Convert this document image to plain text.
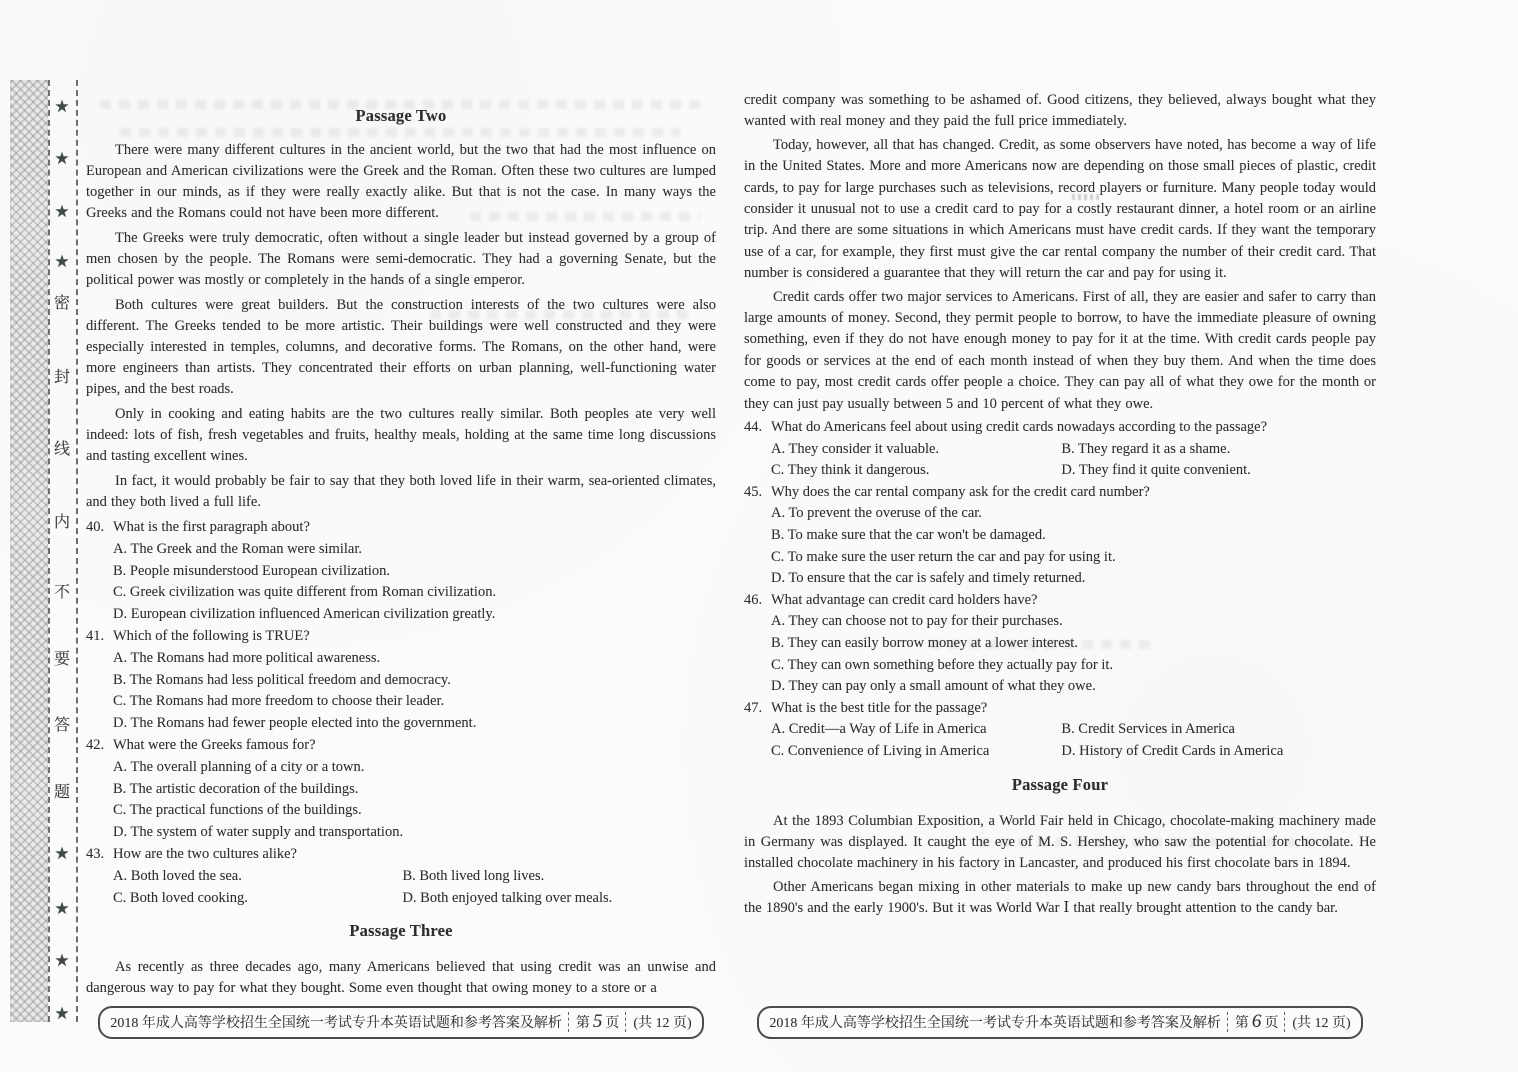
★
★
★
★
密
封
线
内
不
要
答
题
★
★
★
★
Passage Two

There were many different cultures in the ancient world, but the two that had the most influence on European and American civilizations were the Greek and the Roman. Often these two cultures are lumped together in our minds, as if they were really exactly alike. But that is not the case. In many ways the Greeks and the Romans could not have been more different.

The Greeks were truly democratic, often without a single leader but instead governed by a group of men chosen by the people. The Romans were semi-democratic. They had a governing Senate, but the political power was mostly or completely in the hands of a single emperor.

Both cultures were great builders. But the construction interests of the two cultures were also different. The Greeks tended to be more artistic. Their buildings were well constructed and they were especially interested in temples, columns, and decorative forms. The Romans, on the other hand, were more engineers than artists. They concentrated their efforts on urban planning, well-functioning water pipes, and the best roads.

Only in cooking and eating habits are the two cultures really similar. Both peoples ate very well indeed: lots of fish, fresh vegetables and fruits, healthy meals, holding at the same time long discussions and tasting excellent wines.

In fact, it would probably be fair to say that they both loved life in their warm, sea-oriented climates, and they both lived a full life.

40. What is the first paragraph about?
A. The Greek and the Roman were similar.
B. People misunderstood European civilization.
C. Greek civilization was quite different from Roman civilization.
D. European civilization influenced American civilization greatly.
41. Which of the following is TRUE?
A. The Romans had more political awareness.
B. The Romans had less political freedom and democracy.
C. The Romans had more freedom to choose their leader.
D. The Romans had fewer people elected into the government.
42. What were the Greeks famous for?
A. The overall planning of a city or a town.
B. The artistic decoration of the buildings.
C. The practical functions of the buildings.
D. The system of water supply and transportation.
43. How are the two cultures alike?
A. Both loved the sea.	B. Both lived long lives.
C. Both loved cooking.	D. Both enjoyed talking over meals.
Passage Three

As recently as three decades ago, many Americans believed that using credit was an unwise and dangerous way to pay for what they bought. Some even thought that owing money to a store or a

credit company was something to be ashamed of. Good citizens, they believed, always bought what they wanted with real money and they paid the full price immediately.

Today, however, all that has changed. Credit, as some observers have noted, has become a way of life in the United States. More and more Americans now are depending on those small pieces of plastic, credit cards, to pay for large purchases such as televisions, record players or furniture. Many people today would consider it unusual not to use a credit card to pay for a costly restaurant dinner, a hotel room or an airline trip. And there are some situations in which Americans must have credit cards. If they want the temporary use of a car, for example, they first must give the car rental company the number of their credit card. That number is considered a guarantee that they will return the car and pay for using it.

Credit cards offer two major services to Americans. First of all, they are easier and safer to carry than large amounts of money. Second, they permit people to borrow, to have the immediate pleasure of owning something, even if they do not have enough money to pay for it at the time. With credit cards people pay for goods or services at the end of each month instead of when they buy them. And when the time does come to pay, most credit cards offer people a choice. They can pay all of what they owe for the month or they can just pay usually between 5 and 10 percent of what they owe.

44. What do Americans feel about using credit cards nowadays according to the passage?
A. They consider it valuable.	B. They regard it as a shame.
C. They think it dangerous.	D. They find it quite convenient.
45. Why does the car rental company ask for the credit card number?
A. To prevent the overuse of the car.
B. To make sure that the car won't be damaged.
C. To make sure the user return the car and pay for using it.
D. To ensure that the car is safely and timely returned.
46. What advantage can credit card holders have?
A. They can choose not to pay for their purchases.
B. They can easily borrow money at a lower interest.
C. They can own something before they actually pay for it.
D. They can pay only a small amount of what they owe.
47. What is the best title for the passage?
A. Credit—a Way of Life in America	B. Credit Services in America
C. Convenience of Living in America	D. History of Credit Cards in America
Passage Four

At the 1893 Columbian Exposition, a World Fair held in Chicago, chocolate-making machinery made in Germany was displayed. It caught the eye of M. S. Hershey, who saw the potential for chocolate. He installed chocolate machinery in his factory in Lancaster, and produced his first chocolate bars in 1894.

Other Americans began mixing in other materials to make up new candy bars throughout the end of the 1890's and the early 1900's. But it was World War Ⅰ that really brought attention to the candy bar.

2018 年成人高等学校招生全国统一考试专升本英语试题和参考答案及解析	第 5 页	(共 12 页)	2018 年成人高等学校招生全国统一考试专升本英语试题和参考答案及解析	第 6 页	(共 12 页)
